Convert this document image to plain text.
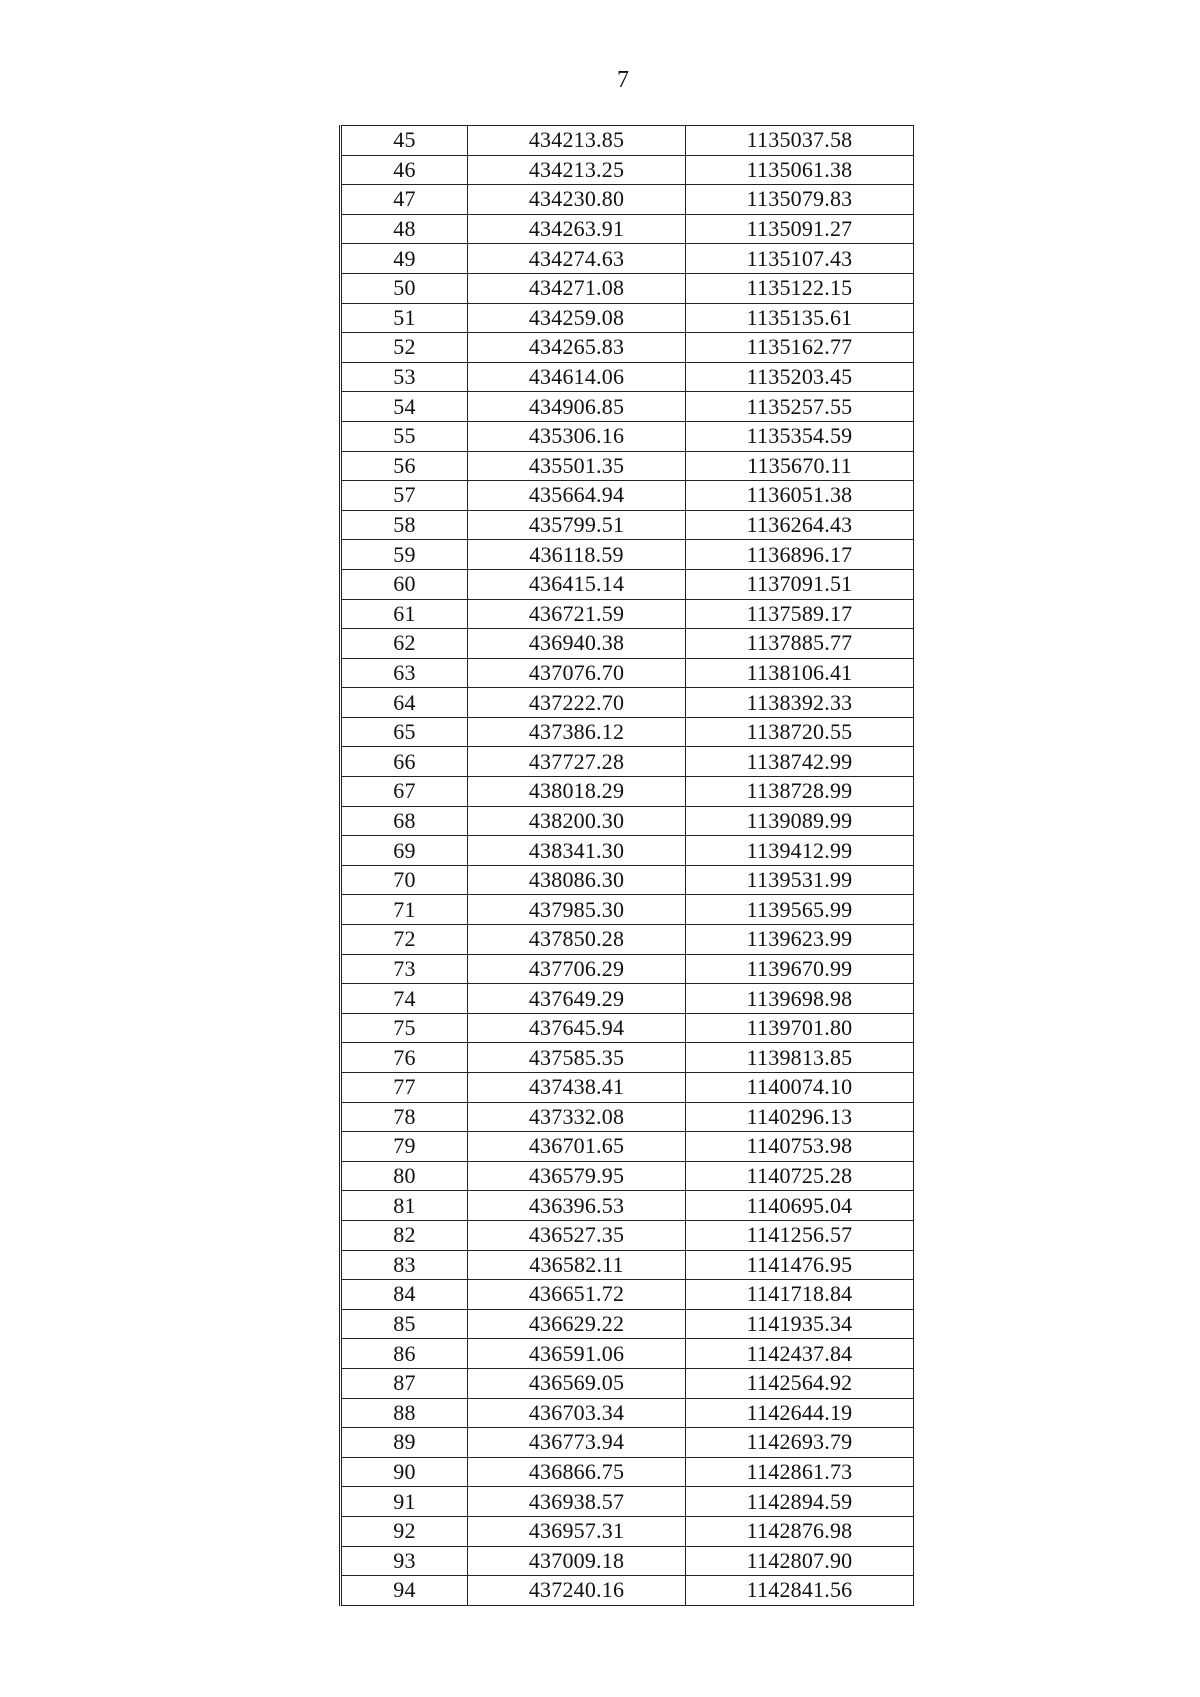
7
45	434213.85	1135037.58
46	434213.25	1135061.38
47	434230.80	1135079.83
48	434263.91	1135091.27
49	434274.63	1135107.43
50	434271.08	1135122.15
51	434259.08	1135135.61
52	434265.83	1135162.77
53	434614.06	1135203.45
54	434906.85	1135257.55
55	435306.16	1135354.59
56	435501.35	1135670.11
57	435664.94	1136051.38
58	435799.51	1136264.43
59	436118.59	1136896.17
60	436415.14	1137091.51
61	436721.59	1137589.17
62	436940.38	1137885.77
63	437076.70	1138106.41
64	437222.70	1138392.33
65	437386.12	1138720.55
66	437727.28	1138742.99
67	438018.29	1138728.99
68	438200.30	1139089.99
69	438341.30	1139412.99
70	438086.30	1139531.99
71	437985.30	1139565.99
72	437850.28	1139623.99
73	437706.29	1139670.99
74	437649.29	1139698.98
75	437645.94	1139701.80
76	437585.35	1139813.85
77	437438.41	1140074.10
78	437332.08	1140296.13
79	436701.65	1140753.98
80	436579.95	1140725.28
81	436396.53	1140695.04
82	436527.35	1141256.57
83	436582.11	1141476.95
84	436651.72	1141718.84
85	436629.22	1141935.34
86	436591.06	1142437.84
87	436569.05	1142564.92
88	436703.34	1142644.19
89	436773.94	1142693.79
90	436866.75	1142861.73
91	436938.57	1142894.59
92	436957.31	1142876.98
93	437009.18	1142807.90
94	437240.16	1142841.56
